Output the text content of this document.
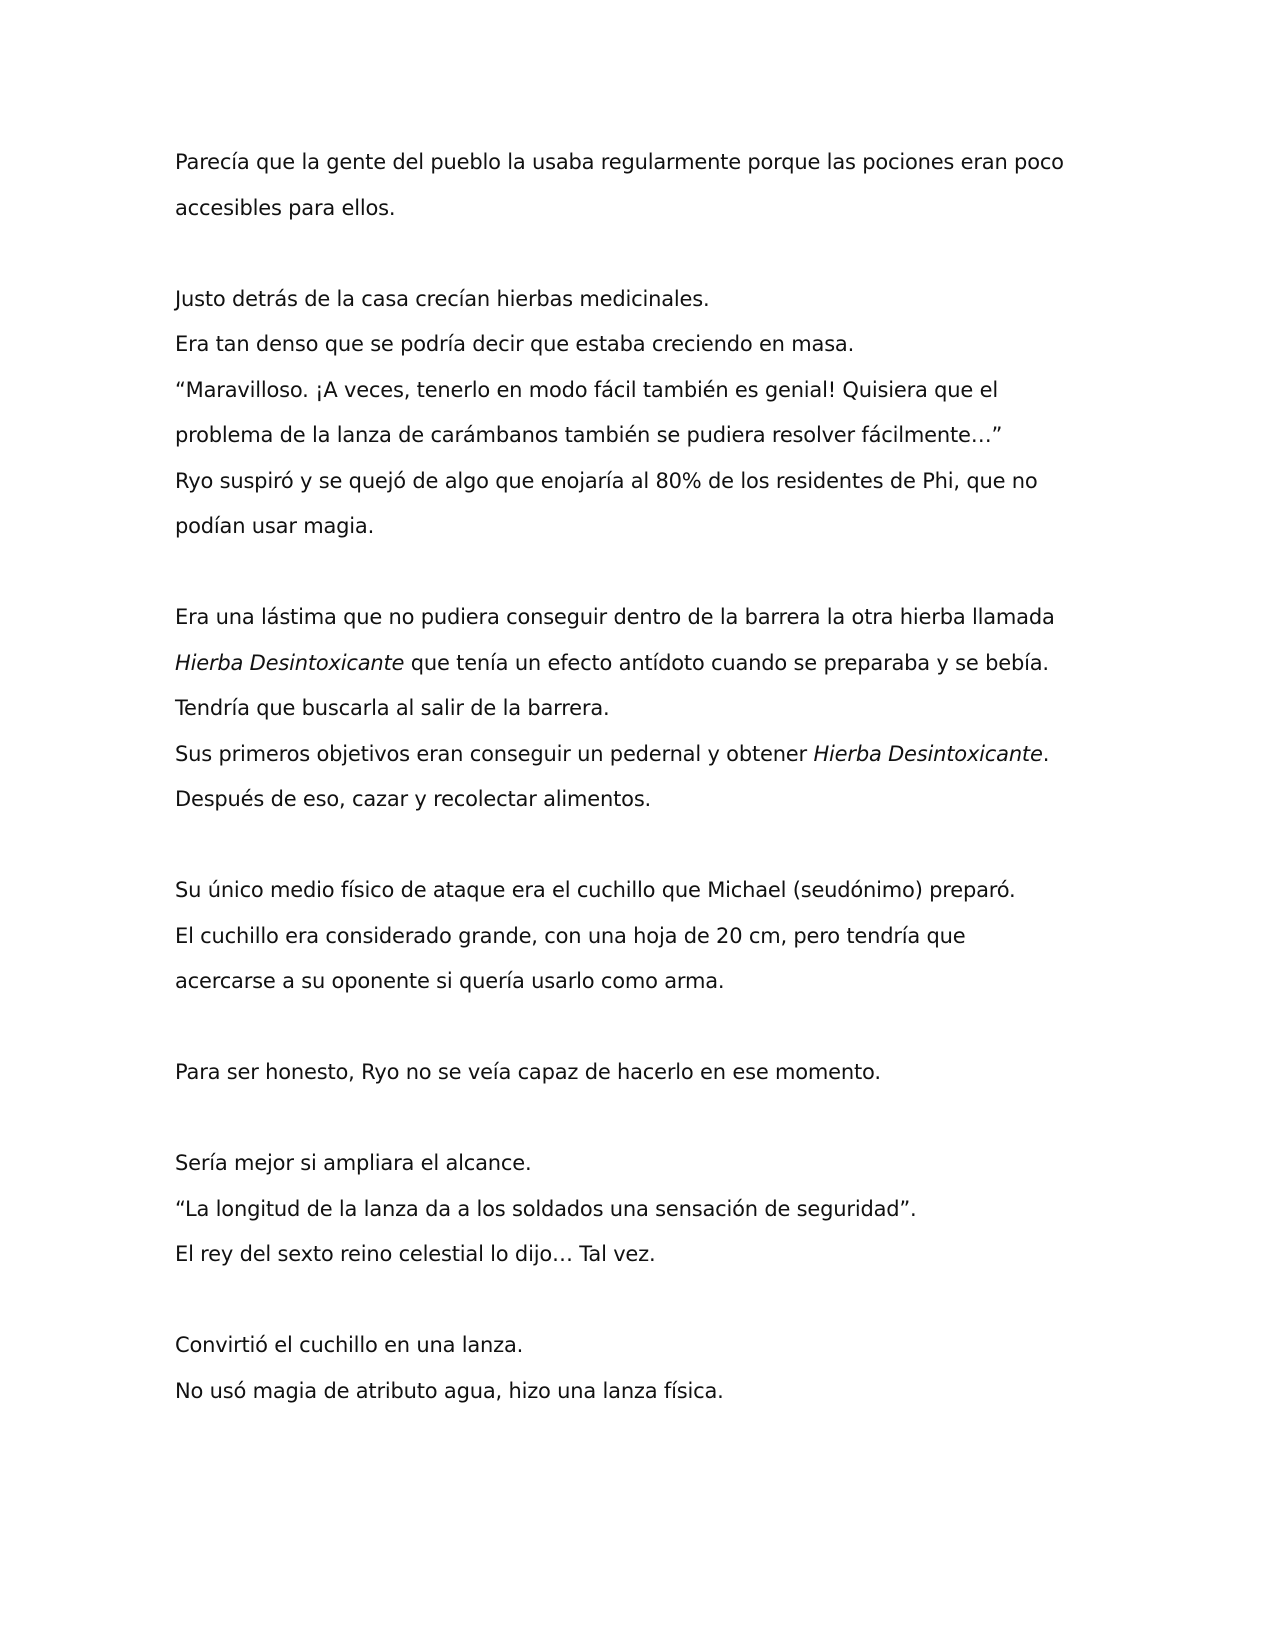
Parecía que la gente del pueblo la usaba regularmente porque las pociones eran poco
accesibles para ellos.
Justo detrás de la casa crecían hierbas medicinales.
Era tan denso que se podría decir que estaba creciendo en masa.
“Maravilloso. ¡A veces, tenerlo en modo fácil también es genial! Quisiera que el
problema de la lanza de carámbanos también se pudiera resolver fácilmente…”
Ryo suspiró y se quejó de algo que enojaría al 80% de los residentes de Phi, que no
podían usar magia.
Era una lástima que no pudiera conseguir dentro de la barrera la otra hierba llamada
Hierba Desintoxicante que tenía un efecto antídoto cuando se preparaba y se bebía.
Tendría que buscarla al salir de la barrera.
Sus primeros objetivos eran conseguir un pedernal y obtener Hierba Desintoxicante.
Después de eso, cazar y recolectar alimentos.
Su único medio físico de ataque era el cuchillo que Michael (seudónimo) preparó.
El cuchillo era considerado grande, con una hoja de 20 cm, pero tendría que
acercarse a su oponente si quería usarlo como arma.
Para ser honesto, Ryo no se veía capaz de hacerlo en ese momento.
Sería mejor si ampliara el alcance.
“La longitud de la lanza da a los soldados una sensación de seguridad”.
El rey del sexto reino celestial lo dijo… Tal vez.
Convirtió el cuchillo en una lanza.
No usó magia de atributo agua, hizo una lanza física.
